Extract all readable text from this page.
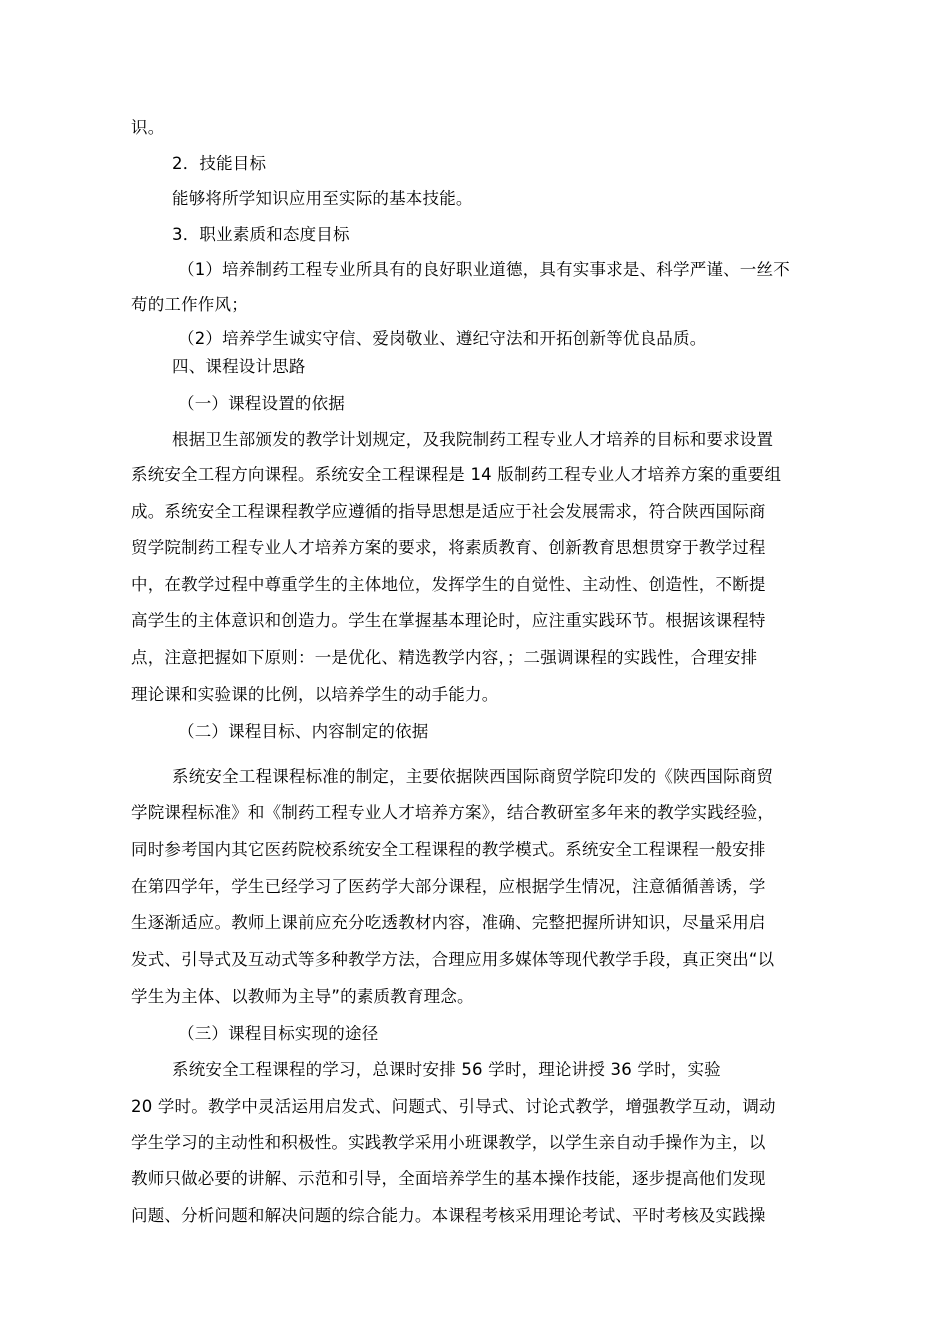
识。
2．技能目标
能够将所学知识应用至实际的基本技能。
3．职业素质和态度目标
（1）培养制药工程专业所具有的良好职业道德，具有实事求是、科学严谨、一丝不
苟的工作作风；
（2）培养学生诚实守信、爱岗敬业、遵纪守法和开拓创新等优良品质。
四、课程设计思路
（一）课程设置的依据
根据卫生部颁发的教学计划规定，及我院制药工程专业人才培养的目标和要求设置
系统安全工程方向课程。系统安全工程课程是 14 版制药工程专业人才培养方案的重要组
成。系统安全工程课程教学应遵循的指导思想是适应于社会发展需求，符合陕西国际商
贸学院制药工程专业人才培养方案的要求，将素质教育、创新教育思想贯穿于教学过程
中，在教学过程中尊重学生的主体地位，发挥学生的自觉性、主动性、创造性，不断提
高学生的主体意识和创造力。学生在掌握基本理论时，应注重实践环节。根据该课程特
点，注意把握如下原则：一是优化、精选教学内容，；二强调课程的实践性，合理安排
理论课和实验课的比例，以培养学生的动手能力。
（二）课程目标、内容制定的依据
系统安全工程课程标准的制定，主要依据陕西国际商贸学院印发的《陕西国际商贸
学院课程标准》和《制药工程专业人才培养方案》，结合教研室多年来的教学实践经验，
同时参考国内其它医药院校系统安全工程课程的教学模式。系统安全工程课程一般安排
在第四学年，学生已经学习了医药学大部分课程，应根据学生情况，注意循循善诱，学
生逐渐适应。教师上课前应充分吃透教材内容，准确、完整把握所讲知识，尽量采用启
发式、引导式及互动式等多种教学方法，合理应用多媒体等现代教学手段，真正突出“以
学生为主体、以教师为主导”的素质教育理念。
（三）课程目标实现的途径
系统安全工程课程的学习，总课时安排 56 学时，理论讲授 36 学时，实验
20 学时。教学中灵活运用启发式、问题式、引导式、讨论式教学，增强教学互动，调动
学生学习的主动性和积极性。实践教学采用小班课教学，以学生亲自动手操作为主，以
教师只做必要的讲解、示范和引导，全面培养学生的基本操作技能，逐步提高他们发现
问题、分析问题和解决问题的综合能力。本课程考核采用理论考试、平时考核及实践操
